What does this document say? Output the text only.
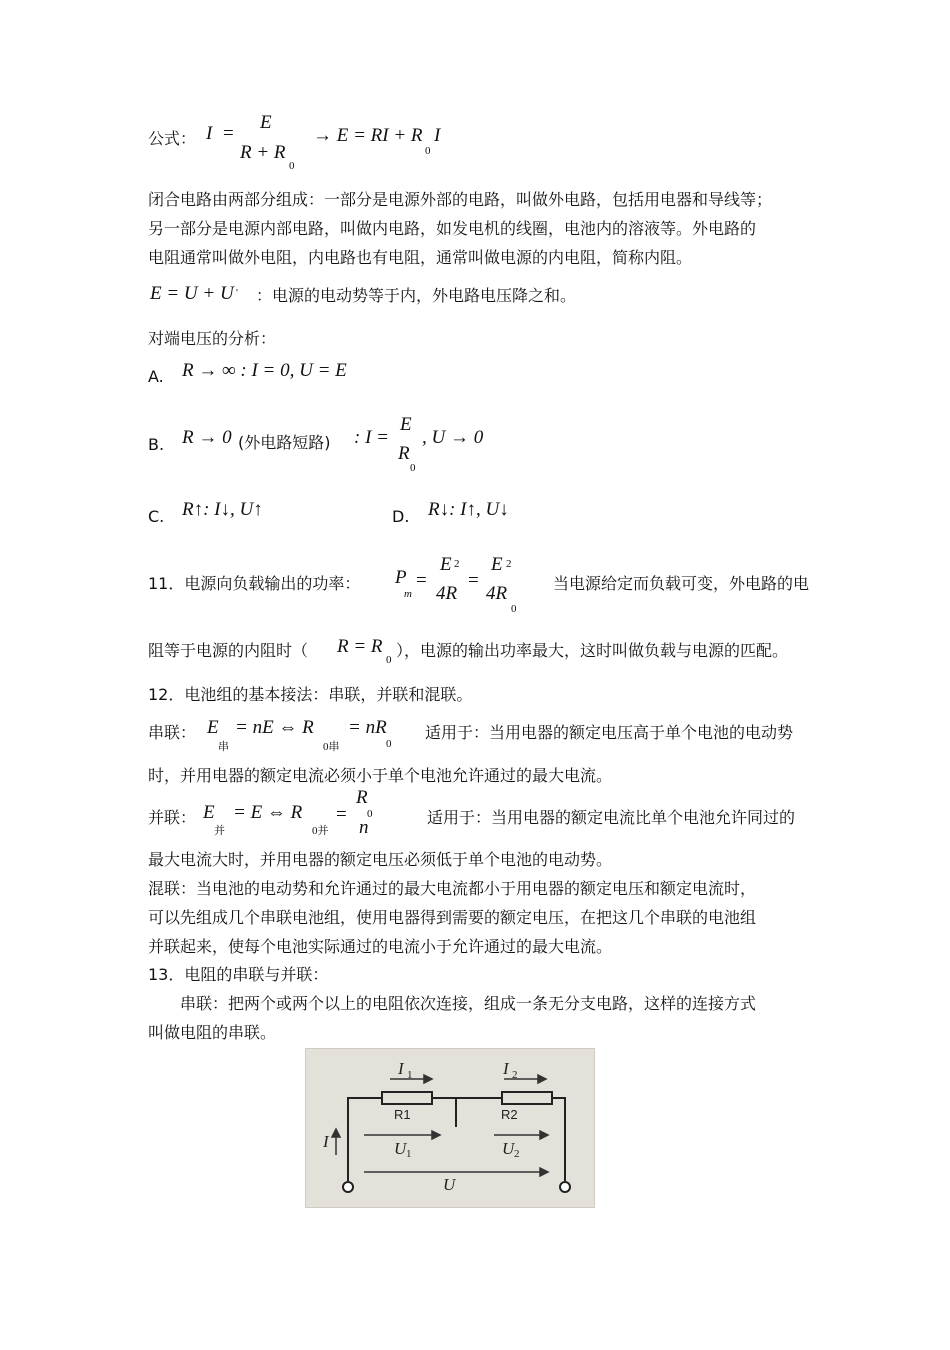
公式： I =
E
R + R
0
→ E = RI + R
0
I
闭合电路由两部分组成：一部分是电源外部的电路，叫做外电路，包括用电器和导线等；
另一部分是电源内部电路，叫做内电路，如发电机的线圈，电池内的溶液等。外电路的
电阻通常叫做外电阻，内电路也有电阻，通常叫做电源的内电阻，简称内阻。
E = U + U ' ：电源的电动势等于内，外电路电压降之和。
对端电压的分析：
A. R → ∞ : I = 0, U = E
B. R → 0 (外电路短路) : I =
E
R
0
, U → 0
C. R↑: I↓, U↑	D. R↓: I↑, U↓
11．电源向负载输出的功率： P
m
=
E 2
4R
=
E 2
4R
0
当电源给定而负载可变，外电路的电
阻等于电源的内阻时（ R = R
0 ），电源的输出功率最大，这时叫做负载与电源的匹配。
12．电池组的基本接法：串联，并联和混联。
串联： E
串
= nE ⇔ R
0串
= nR
0
适用于：当用电器的额定电压高于单个电池的电动势
时，并用电器的额定电流必须小于单个电池允许通过的最大电流。
并联： E
并
= E ⇔ R
0并
=
R
0
n	适用于：当用电器的额定电流比单个电池允许同过的
最大电流大时，并用电器的额定电压必须低于单个电池的电动势。
混联：当电池的电动势和允许通过的最大电流都小于用电器的额定电压和额定电流时，
可以先组成几个串联电池组，使用电器得到需要的额定电压，在把这几个串联的电池组
并联起来，使每个电池实际通过的电流小于允许通过的最大电流。
13．电阻的串联与并联：
串联：把两个或两个以上的电阻依次连接，组成一条无分支电路，这样的连接方式
叫做电阻的串联。
I 1	I 2
I	U 1	U 2
U
R1	R2
